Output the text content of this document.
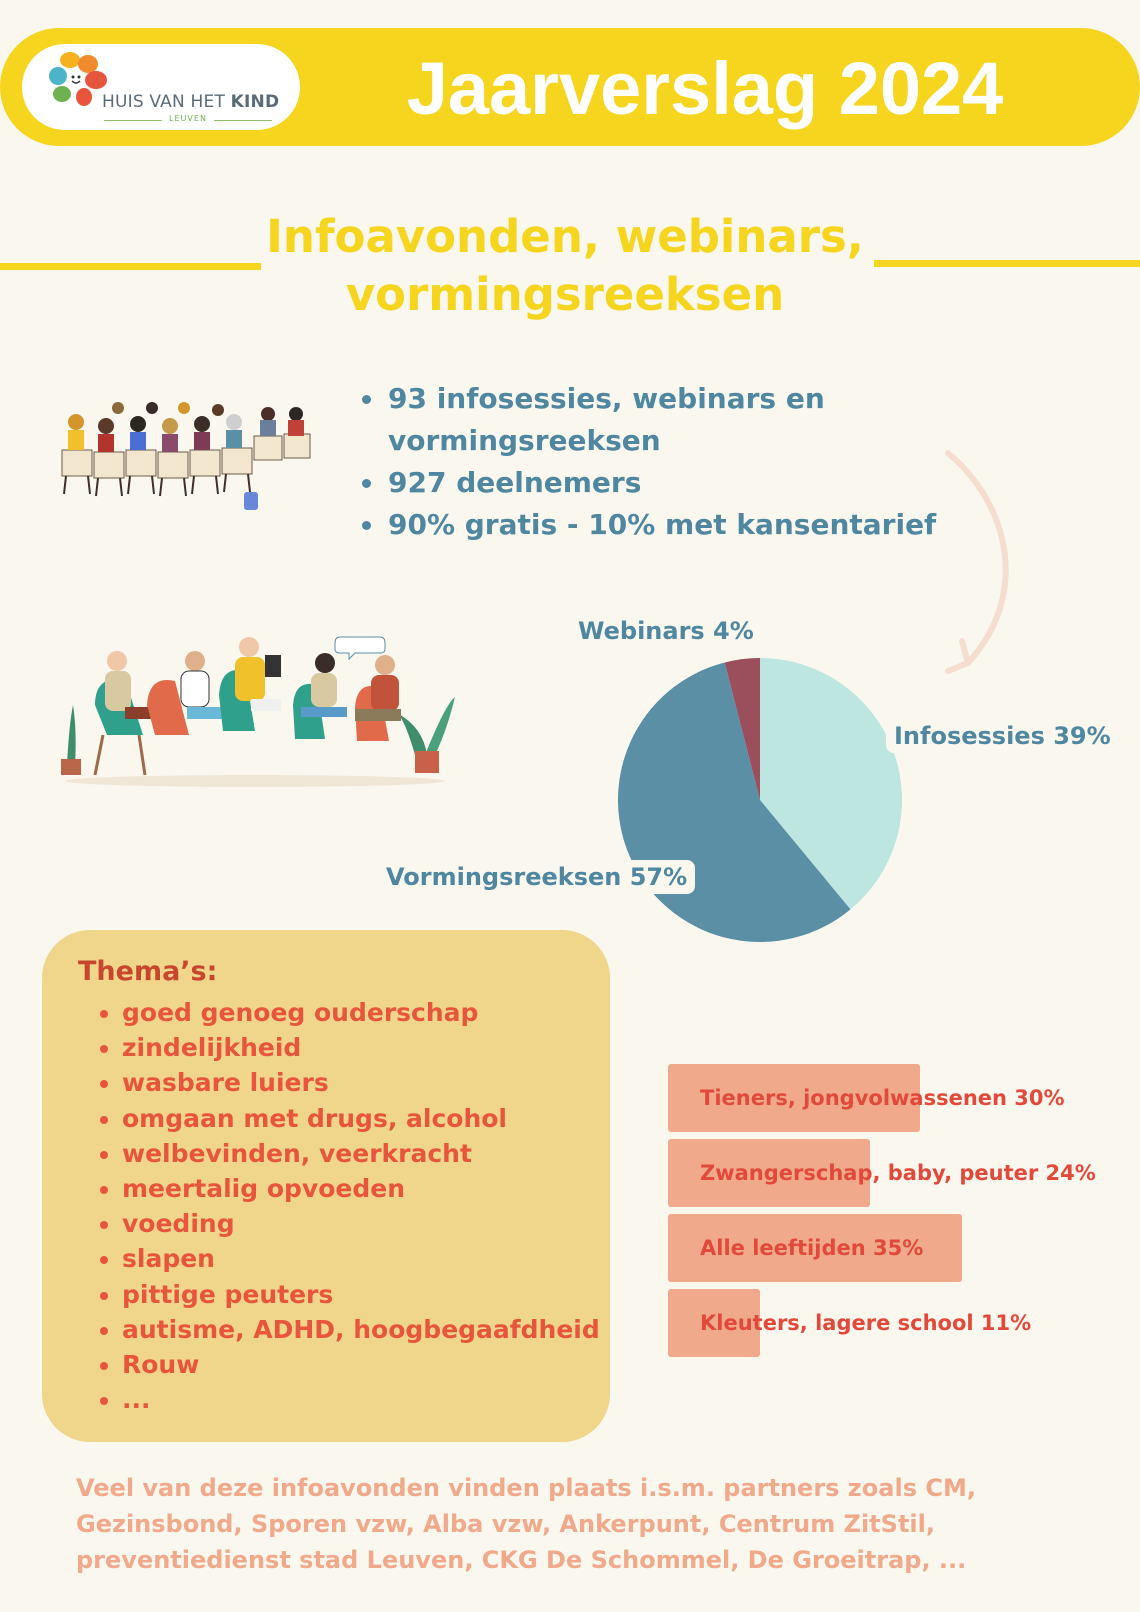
HUIS VAN HET KIND
LEUVEN	Jaarverslag 2024
Infoavonden, webinars,
vormingsreeksen
• 93 infosessies, webinars en vormingsreeksen
• 927 deelnemers
• 90% gratis - 10% met kansentarief
Webinars 4%
Infosessies 39%
Vormingsreeksen 57%
Thema’s:
• goed genoeg ouderschap
• zindelijkheid
• wasbare luiers
• omgaan met drugs, alcohol
• welbevinden, veerkracht
• meertalig opvoeden
• voeding
• slapen
• pittige peuters
• autisme, ADHD, hoogbegaafdheid
• Rouw
• ...
Tieners, jongvolwassenen 30%
Zwangerschap, baby, peuter 24%
Alle leeftijden 35%
Kleuters, lagere school 11%
Veel van deze infoavonden vinden plaats i.s.m. partners zoals CM, Gezinsbond, Sporen vzw, Alba vzw, Ankerpunt, Centrum ZitStil, preventiedienst stad Leuven, CKG De Schommel, De Groeitrap, ...
